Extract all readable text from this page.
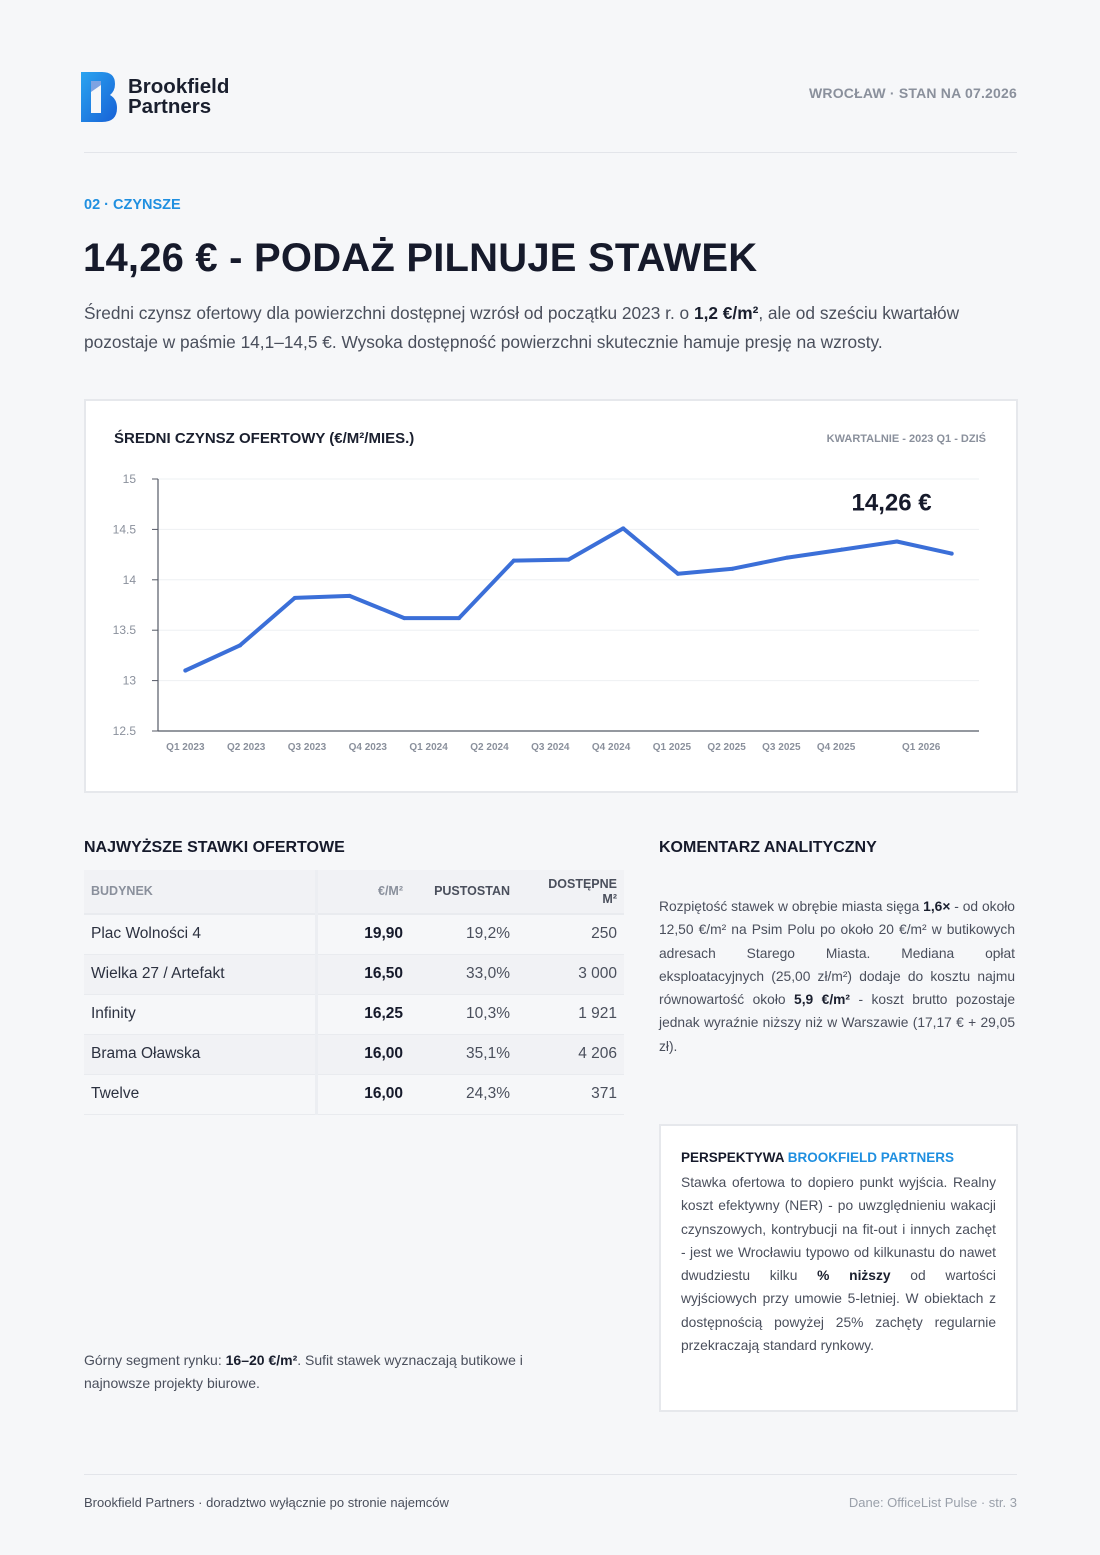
Brookfield
Partners
WROCŁAW · STAN NA 07.2026
02 · CZYNSZE
14,26 € - PODAŻ PILNUJE STAWEK

Średni czynsz ofertowy dla powierzchni dostępnej wzrósł od początku 2023 r. o 1,2 €/m², ale od sześciu kwartałów pozostaje w paśmie 14,1–14,5 €. Wysoka dostępność powierzchni skutecznie hamuje presję na wzrosty.

15
14.5
14
13.5
13
12.5
Q1 2023 Q2 2023 Q3 2023 Q4 2023 Q1 2024 Q2 2024 Q3 2024 Q4 2024 Q1 2025 Q2 2025 Q3 2025 Q4 2025	Q1 2026
14,26 €
ŚREDNI CZYNSZ OFERTOWY (€/M²/MIES.)	KWARTALNIE - 2023 Q1 - DZIŚ
NAJWYŻSZE STAWKI OFERTOWE
BUDYNEK	€/M²	PUSTOSTAN	DOSTĘPNE
M²
Plac Wolności 4	19,90	19,2%	250
Wielka 27 / Artefakt	16,50	33,0%	3 000
Infinity	16,25	10,3%	1 921
Brama Oławska	16,00	35,1%	4 206
Twelve	16,00	24,3%	371
KOMENTARZ ANALITYCZNY

Rozpiętość stawek w obrębie miasta sięga 1,6× - od około 12,50 €/m² na Psim Polu po około 20 €/m² w butikowych adresach Starego Miasta. Mediana opłat eksploatacyjnych (25,00 zł/m²) dodaje do kosztu najmu równowartość około 5,9 €/m² - koszt brutto pozostaje jednak wyraźnie niższy niż w Warszawie (17,17 € + 29,05 zł).

PERSPEKTYWA BROOKFIELD PARTNERS

Stawka ofertowa to dopiero punkt wyjścia. Realny koszt efektywny (NER) - po uwzględnieniu wakacji czynszowych, kontrybucji na fit-out i innych zachęt - jest we Wrocławiu typowo od kilkunastu do nawet dwudziestu kilku % niższy od wartości wyjściowych przy umowie 5-letniej. W obiektach z dostępnością powyżej 25% zachęty regularnie przekraczają standard rynkowy.

Górny segment rynku: 16–20 €/m². Sufit stawek wyznaczają butikowe i najnowsze projekty biurowe.

Brookfield Partners · doradztwo wyłącznie po stronie najemców	Dane: OfficeList Pulse · str. 3
